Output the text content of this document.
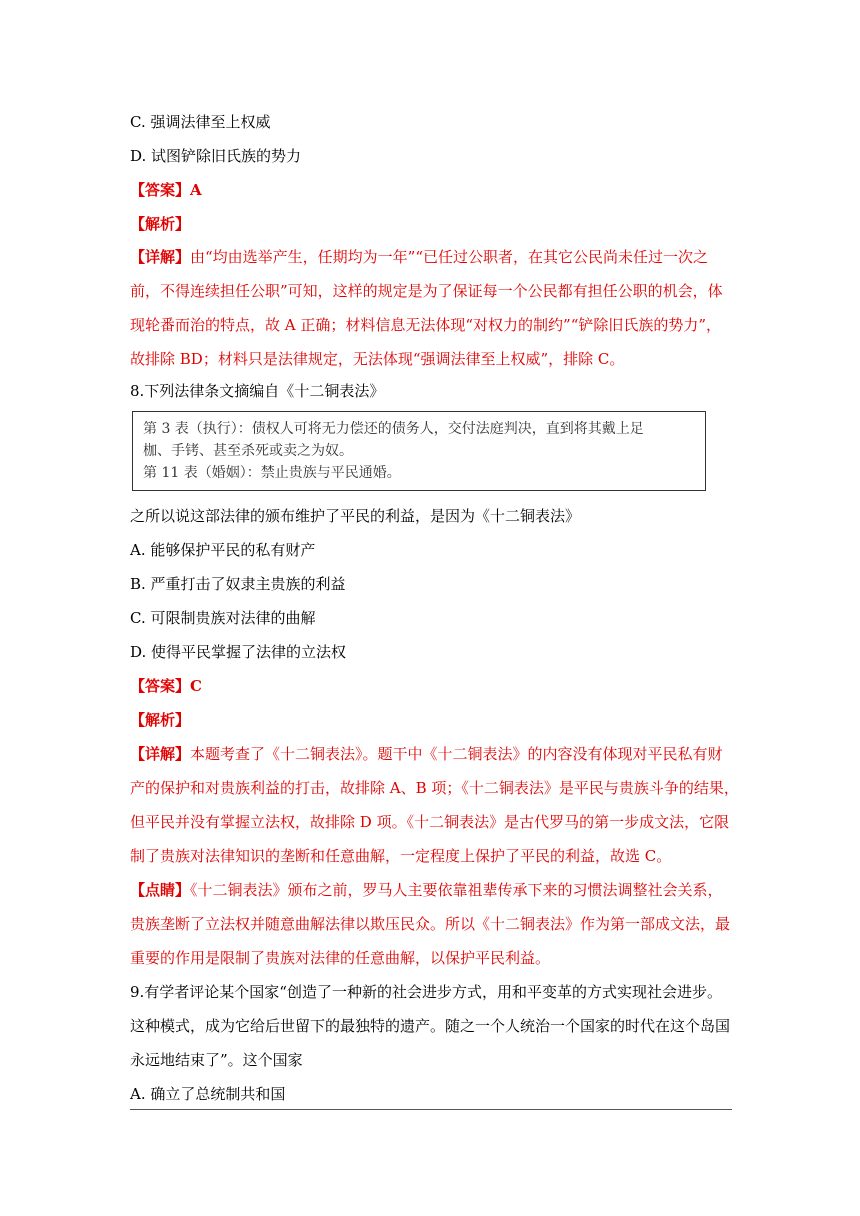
C. 强调法律至上权威
D. 试图铲除旧氏族的势力
【答案】A
【解析】
【详解】由“均由选举产生，任期均为一年”“已任过公职者，在其它公民尚未任过一次之
前，不得连续担任公职”可知，这样的规定是为了保证每一个公民都有担任公职的机会，体
现轮番而治的特点，故 A 正确；材料信息无法体现“对权力的制约”“铲除旧氏族的势力”，
故排除 BD；材料只是法律规定，无法体现“强调法律至上权威”，排除 C。
8.下列法律条文摘编自《十二铜表法》
第 3 表（执行）：债权人可将无力偿还的债务人，交付法庭判决，直到将其戴上足
枷、手铐、甚至杀死或卖之为奴。
第 11 表（婚姻）：禁止贵族与平民通婚。
之所以说这部法律的颁布维护了平民的利益，是因为《十二铜表法》
A. 能够保护平民的私有财产
B. 严重打击了奴隶主贵族的利益
C. 可限制贵族对法律的曲解
D. 使得平民掌握了法律的立法权
【答案】C
【解析】
【详解】本题考查了《十二铜表法》。题干中《十二铜表法》的内容没有体现对平民私有财
产的保护和对贵族利益的打击，故排除 A、B 项；《十二铜表法》是平民与贵族斗争的结果，
但平民并没有掌握立法权，故排除 D 项。《十二铜表法》是古代罗马的第一步成文法，它限
制了贵族对法律知识的垄断和任意曲解，一定程度上保护了平民的利益，故选 C。
【点睛】《十二铜表法》颁布之前，罗马人主要依靠祖辈传承下来的习惯法调整社会关系，
贵族垄断了立法权并随意曲解法律以欺压民众。所以《十二铜表法》作为第一部成文法，最
重要的作用是限制了贵族对法律的任意曲解，以保护平民利益。
9.有学者评论某个国家“创造了一种新的社会进步方式，用和平变革的方式实现社会进步。
这种模式，成为它给后世留下的最独特的遗产。随之一个人统治一个国家的时代在这个岛国
永远地结束了”。这个国家
A. 确立了总统制共和国
